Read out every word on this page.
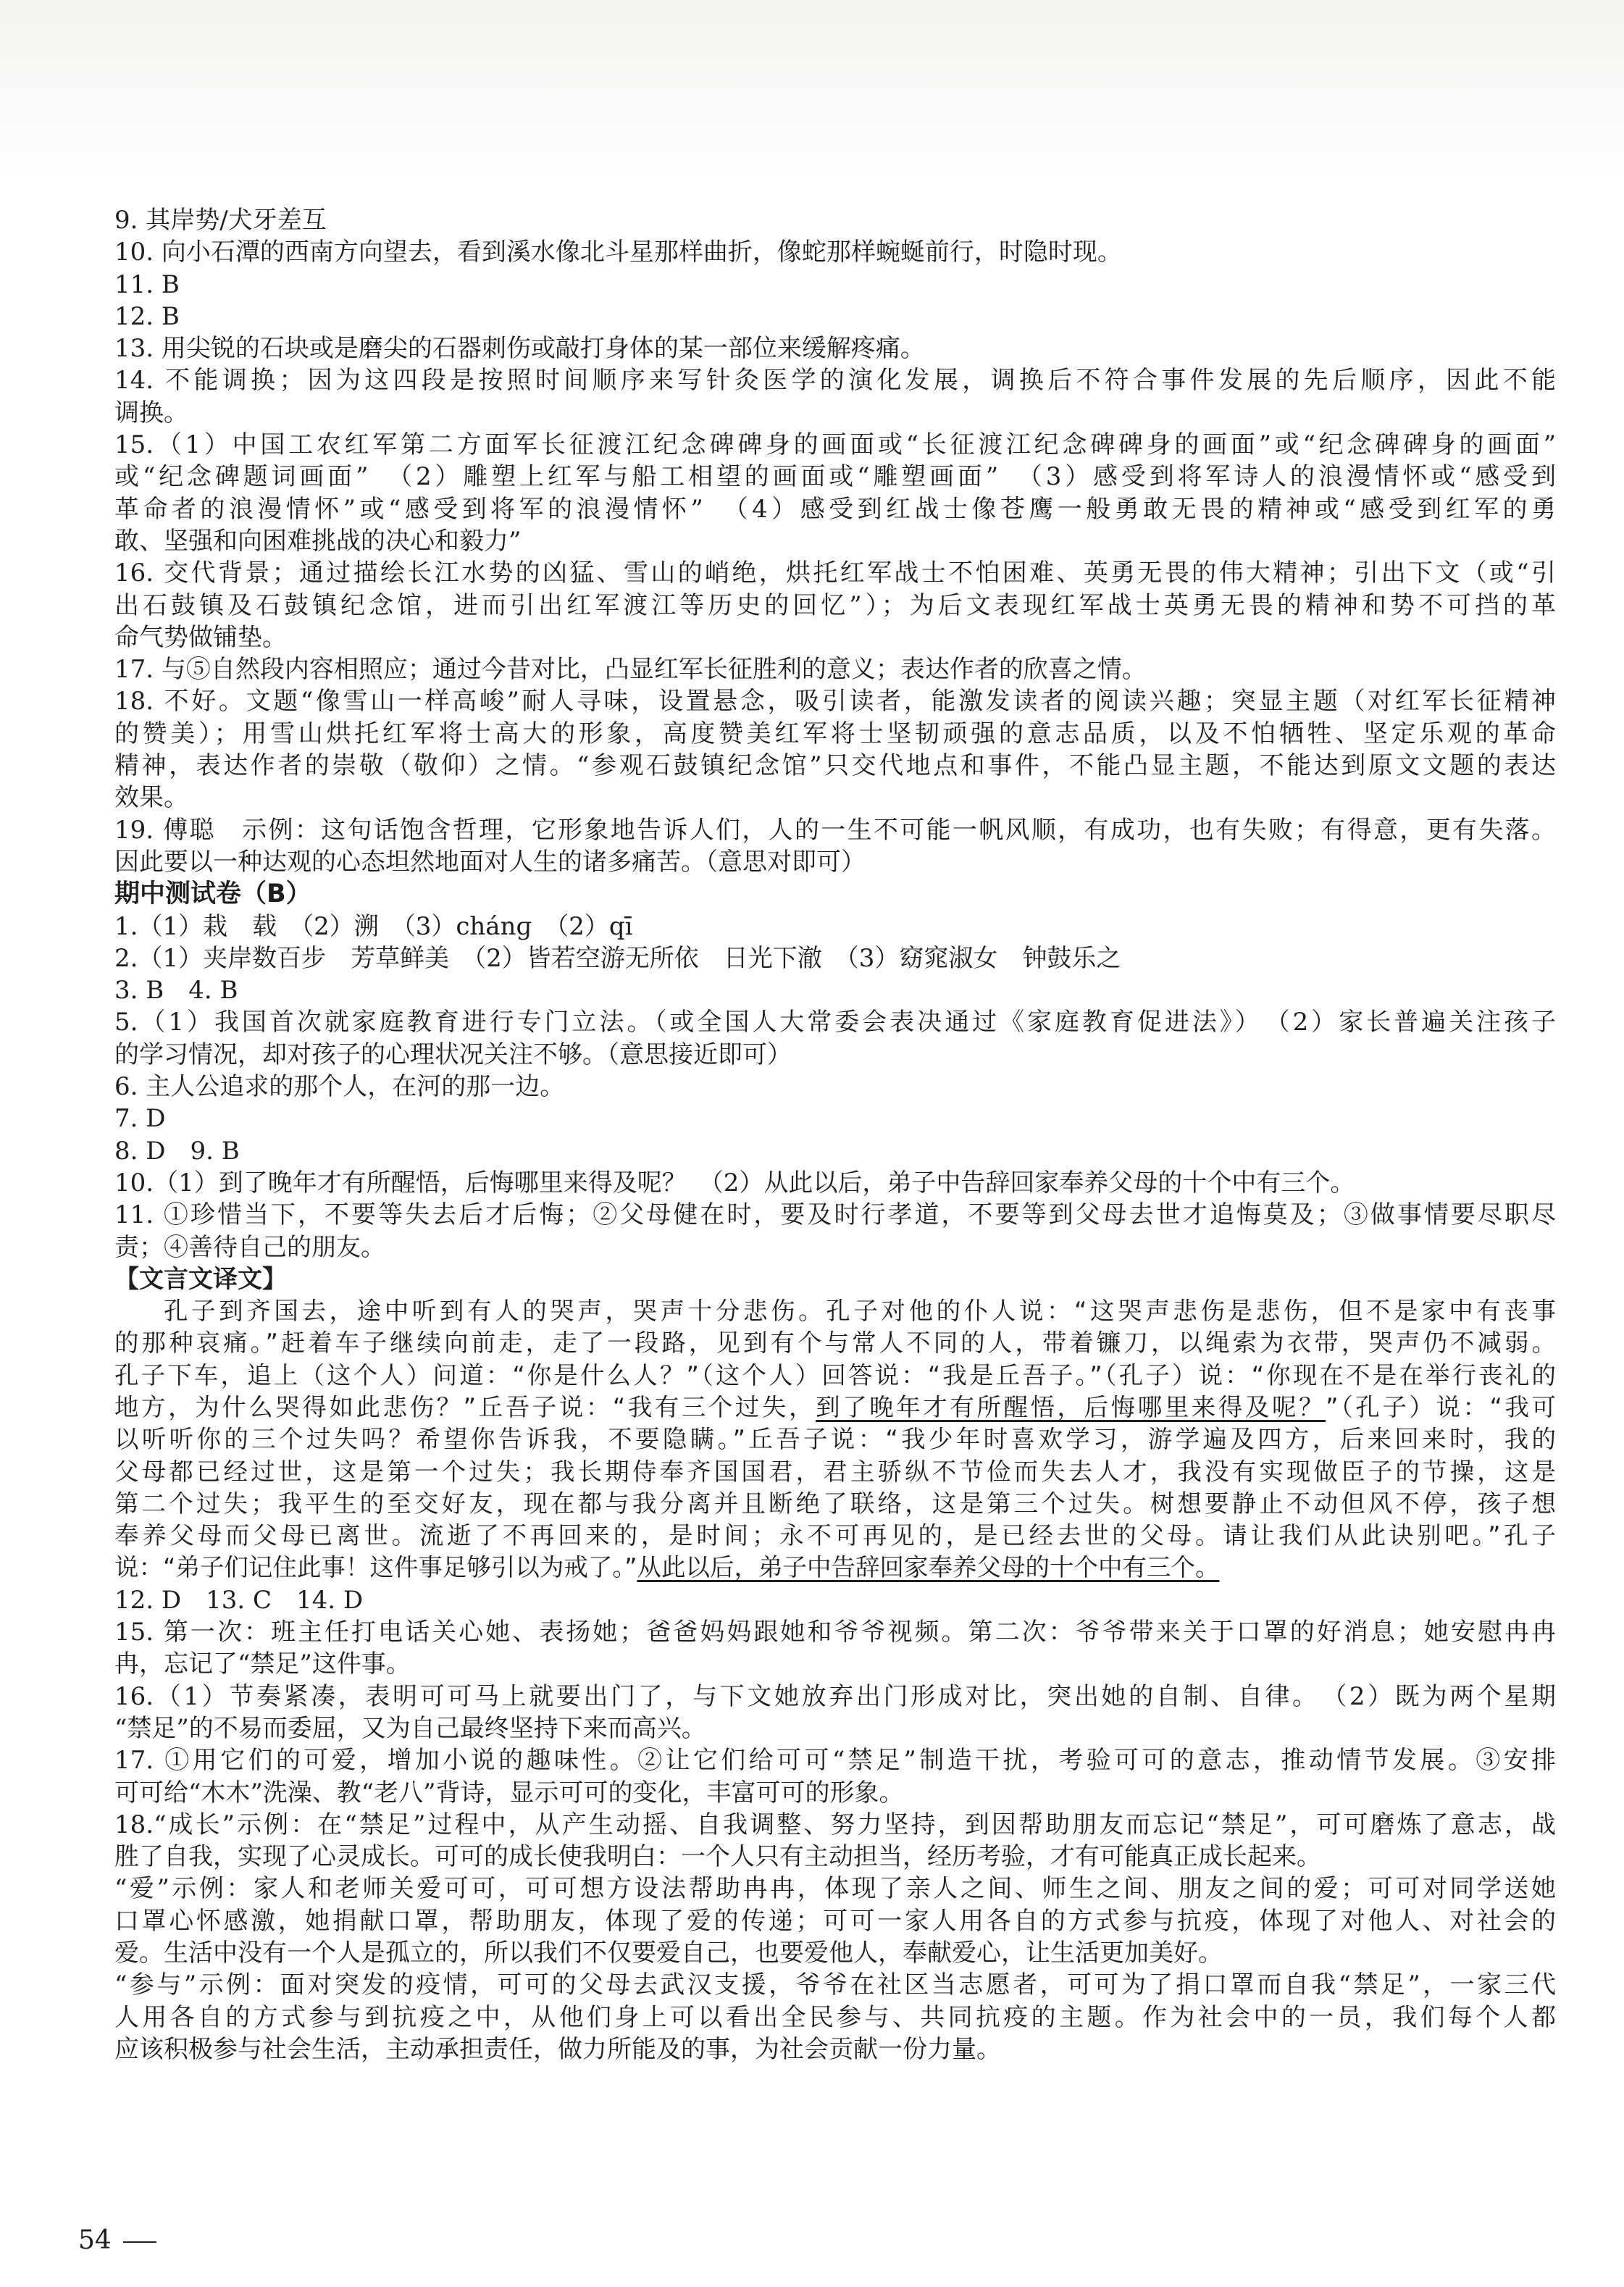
9. 其岸势/犬牙差互

10. 向小石潭的西南方向望去，看到溪水像北斗星那样曲折，像蛇那样蜿蜒前行，时隐时现。

11. B

12. B

13. 用尖锐的石块或是磨尖的石器刺伤或敲打身体的某一部位来缓解疼痛。

14. 不能调换；因为这四段是按照时间顺序来写针灸医学的演化发展，调换后不符合事件发展的先后顺序，因此不能

调换。

15.（1）中国工农红军第二方面军长征渡江纪念碑碑身的画面或“长征渡江纪念碑碑身的画面”或“纪念碑碑身的画面”

或“纪念碑题词画面”　（2）雕塑上红军与船工相望的画面或“雕塑画面”　（3）感受到将军诗人的浪漫情怀或“感受到

革命者的浪漫情怀”或“感受到将军的浪漫情怀”　（4）感受到红战士像苍鹰一般勇敢无畏的精神或“感受到红军的勇

敢、坚强和向困难挑战的决心和毅力”

16. 交代背景；通过描绘长江水势的凶猛、雪山的峭绝，烘托红军战士不怕困难、英勇无畏的伟大精神；引出下文（或“引

出石鼓镇及石鼓镇纪念馆，进而引出红军渡江等历史的回忆”）；为后文表现红军战士英勇无畏的精神和势不可挡的革

命气势做铺垫。

17. 与⑤自然段内容相照应；通过今昔对比，凸显红军长征胜利的意义；表达作者的欣喜之情。

18. 不好。文题“像雪山一样高峻”耐人寻味，设置悬念，吸引读者，能激发读者的阅读兴趣；突显主题（对红军长征精神

的赞美）；用雪山烘托红军将士高大的形象，高度赞美红军将士坚韧顽强的意志品质，以及不怕牺牲、坚定乐观的革命

精神，表达作者的崇敬（敬仰）之情。“参观石鼓镇纪念馆”只交代地点和事件，不能凸显主题，不能达到原文文题的表达

效果。

19. 傅聪　示例：这句话饱含哲理，它形象地告诉人们，人的一生不可能一帆风顺，有成功，也有失败；有得意，更有失落。

因此要以一种达观的心态坦然地面对人生的诸多痛苦。（意思对即可）

期中测试卷（B）

1.（1）栽　载　（2）溯　（3）chánɡ　（2）qī

2.（1）夹岸数百步　芳草鲜美　（2）皆若空游无所依　日光下澈　（3）窈窕淑女　钟鼓乐之

3. B　4. B

5.（1）我国首次就家庭教育进行专门立法。（或全国人大常委会表决通过《家庭教育促进法》）　（2）家长普遍关注孩子

的学习情况，却对孩子的心理状况关注不够。（意思接近即可）

6. 主人公追求的那个人，在河的那一边。

7. D

8. D　9. B

10.（1）到了晚年才有所醒悟，后悔哪里来得及呢？　（2）从此以后，弟子中告辞回家奉养父母的十个中有三个。

11. ①珍惜当下，不要等失去后才后悔；②父母健在时，要及时行孝道，不要等到父母去世才追悔莫及；③做事情要尽职尽

责；④善待自己的朋友。

【文言文译文】

孔子到齐国去，途中听到有人的哭声，哭声十分悲伤。孔子对他的仆人说：“这哭声悲伤是悲伤，但不是家中有丧事

的那种哀痛。”赶着车子继续向前走，走了一段路，见到有个与常人不同的人，带着镰刀，以绳索为衣带，哭声仍不减弱。

孔子下车，追上（这个人）问道：“你是什么人？”（这个人）回答说：“我是丘吾子。”（孔子）说：“你现在不是在举行丧礼的

地方，为什么哭得如此悲伤？”丘吾子说：“我有三个过失，到了晚年才有所醒悟，后悔哪里来得及呢？”（孔子）说：“我可

以听听你的三个过失吗？希望你告诉我，不要隐瞒。”丘吾子说：“我少年时喜欢学习，游学遍及四方，后来回来时，我的

父母都已经过世，这是第一个过失；我长期侍奉齐国国君，君主骄纵不节俭而失去人才，我没有实现做臣子的节操，这是

第二个过失；我平生的至交好友，现在都与我分离并且断绝了联络，这是第三个过失。树想要静止不动但风不停，孩子想

奉养父母而父母已离世。流逝了不再回来的，是时间；永不可再见的，是已经去世的父母。请让我们从此诀别吧。”孔子

说：“弟子们记住此事！这件事足够引以为戒了。”从此以后，弟子中告辞回家奉养父母的十个中有三个。

12. D　13. C　14. D

15. 第一次：班主任打电话关心她、表扬她；爸爸妈妈跟她和爷爷视频。第二次：爷爷带来关于口罩的好消息；她安慰冉冉

冉，忘记了“禁足”这件事。

16.（1）节奏紧凑，表明可可马上就要出门了，与下文她放弃出门形成对比，突出她的自制、自律。　（2）既为两个星期

“禁足”的不易而委屈，又为自己最终坚持下来而高兴。

17. ①用它们的可爱，增加小说的趣味性。②让它们给可可“禁足”制造干扰，考验可可的意志，推动情节发展。③安排

可可给“木木”洗澡、教“老八”背诗，显示可可的变化，丰富可可的形象。

18.“成长”示例：在“禁足”过程中，从产生动摇、自我调整、努力坚持，到因帮助朋友而忘记“禁足”，可可磨炼了意志，战

胜了自我，实现了心灵成长。可可的成长使我明白：一个人只有主动担当，经历考验，才有可能真正成长起来。

“爱”示例：家人和老师关爱可可，可可想方设法帮助冉冉，体现了亲人之间、师生之间、朋友之间的爱；可可对同学送她

口罩心怀感激，她捐献口罩，帮助朋友，体现了爱的传递；可可一家人用各自的方式参与抗疫，体现了对他人、对社会的

爱。生活中没有一个人是孤立的，所以我们不仅要爱自己，也要爱他人，奉献爱心，让生活更加美好。

“参与”示例：面对突发的疫情，可可的父母去武汉支援，爷爷在社区当志愿者，可可为了捐口罩而自我“禁足”，一家三代

人用各自的方式参与到抗疫之中，从他们身上可以看出全民参与、共同抗疫的主题。作为社会中的一员，我们每个人都

应该积极参与社会生活，主动承担责任，做力所能及的事，为社会贡献一份力量。

54
